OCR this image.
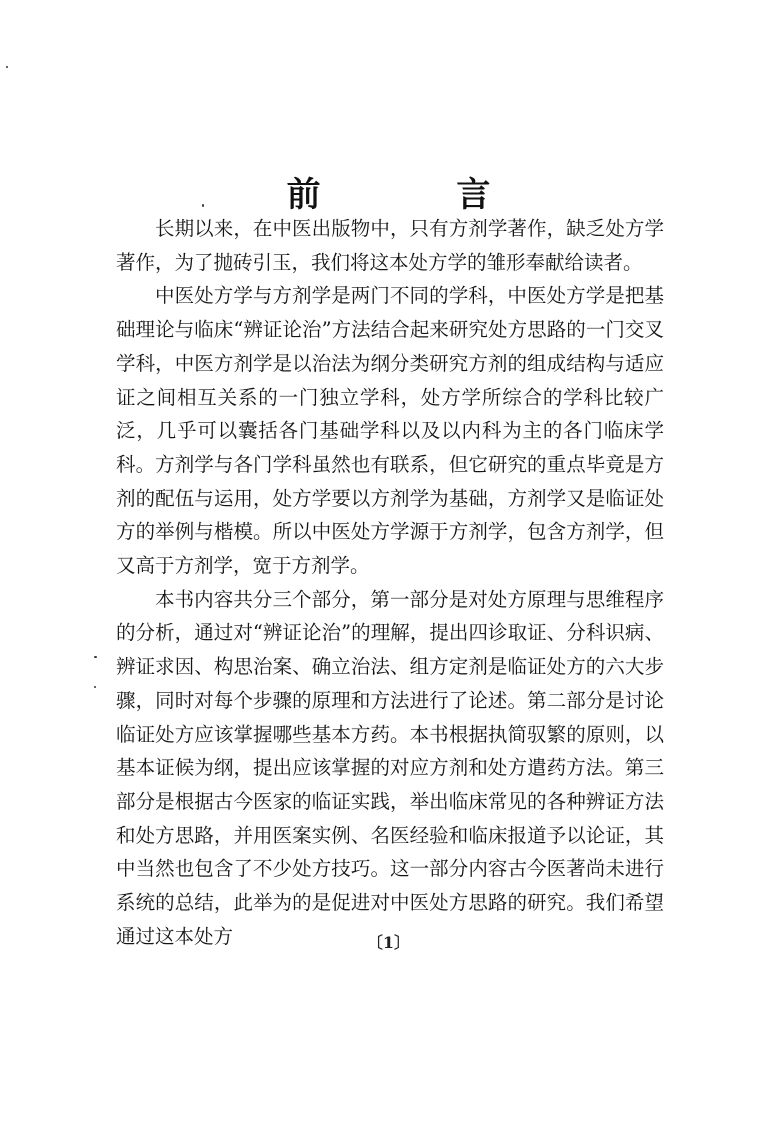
前 言

长期以来，在中医出版物中，只有方剂学著作，缺乏处方学著作，为了抛砖引玉，我们将这本处方学的雏形奉献给读者。

中医处方学与方剂学是两门不同的学科，中医处方学是把基础理论与临床“辨证论治”方法结合起来研究处方思路的一门交叉学科，中医方剂学是以治法为纲分类研究方剂的组成结构与适应证之间相互关系的一门独立学科，处方学所综合的学科比较广泛，几乎可以囊括各门基础学科以及以内科为主的各门临床学科。方剂学与各门学科虽然也有联系，但它研究的重点毕竟是方剂的配伍与运用，处方学要以方剂学为基础，方剂学又是临证处方的举例与楷模。所以中医处方学源于方剂学，包含方剂学，但又高于方剂学，宽于方剂学。

本书内容共分三个部分，第一部分是对处方原理与思维程序的分析，通过对“辨证论治”的理解，提出四诊取证、分科识病、辨证求因、构思治案、确立治法、组方定剂是临证处方的六大步骤，同时对每个步骤的原理和方法进行了论述。第二部分是讨论临证处方应该掌握哪些基本方药。本书根据执简驭繁的原则，以基本证候为纲，提出应该掌握的对应方剂和处方遣药方法。第三部分是根据古今医家的临证实践，举出临床常见的各种辨证方法和处方思路，并用医案实例、名医经验和临床报道予以论证，其中当然也包含了不少处方技巧。这一部分内容古今医著尚未进行系统的总结，此举为的是促进对中医处方思路的研究。我们希望通过这本处方	〔1〕
